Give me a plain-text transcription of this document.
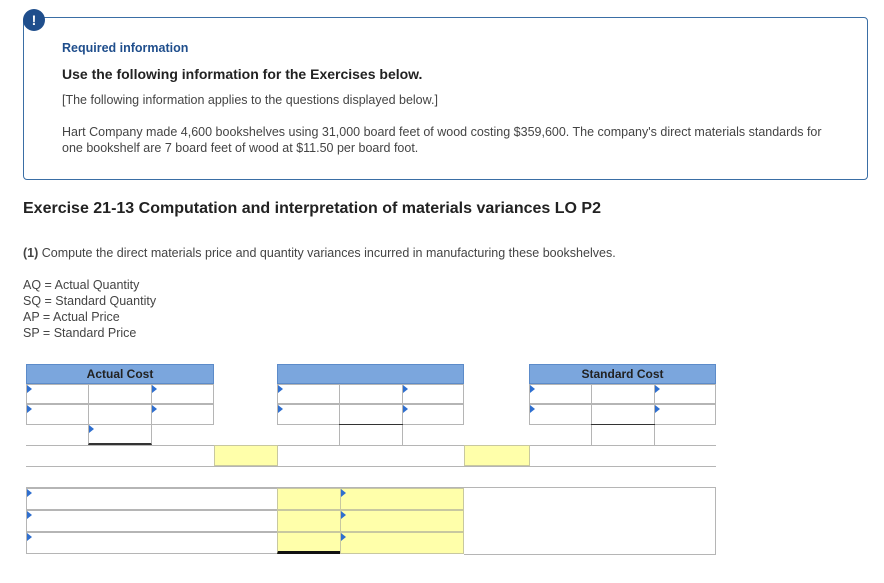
!
Required information
Use the following information for the Exercises below.
[The following information applies to the questions displayed below.]
Hart Company made 4,600 bookshelves using 31,000 board feet of wood costing $359,600. The company's direct materials standards for one bookshelf are 7 board feet of wood at $11.50 per board foot.
Exercise 21-13 Computation and interpretation of materials variances LO P2
(1) Compute the direct materials price and quantity variances incurred in manufacturing these bookshelves.
AQ = Actual Quantity
SQ = Standard Quantity
AP = Actual Price
SP = Standard Price
Actual Cost	Standard Cost
